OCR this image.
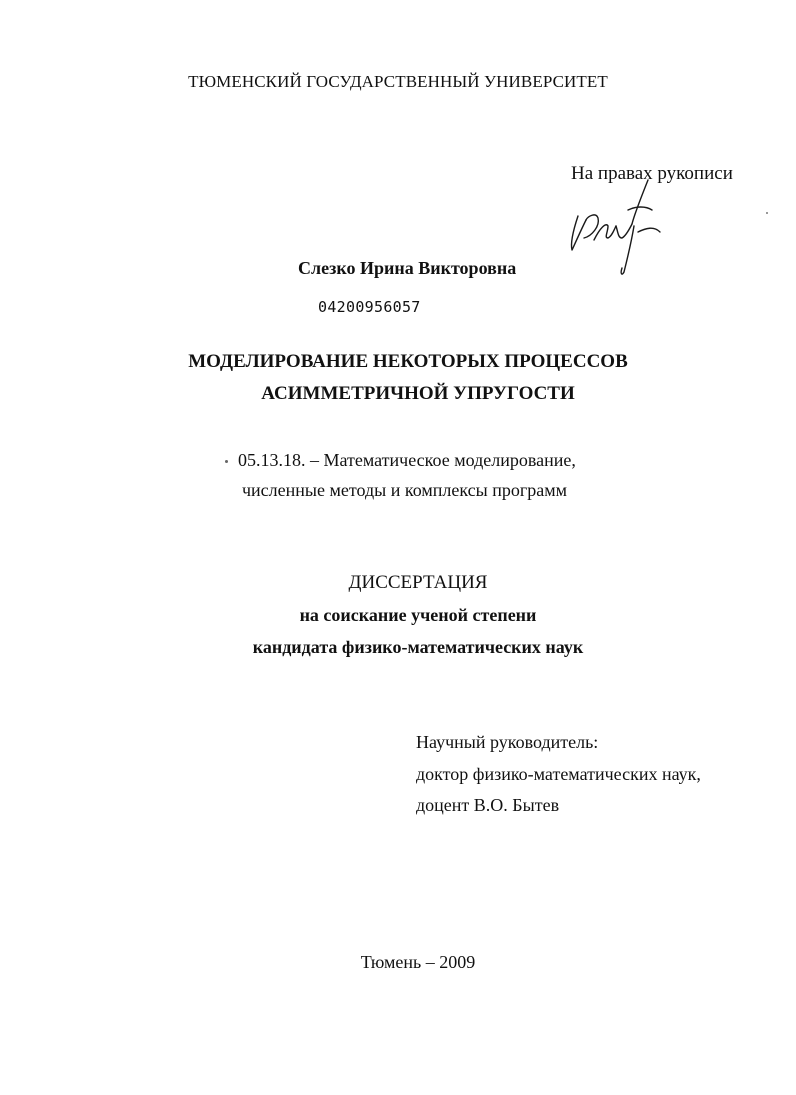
ТЮМЕНСКИЙ ГОСУДАРСТВЕННЫЙ УНИВЕРСИТЕТ
На правах рукописи
Слезко Ирина Викторовна
04200956057
МОДЕЛИРОВАНИЕ НЕКОТОРЫХ ПРОЦЕССОВ
АСИММЕТРИЧНОЙ УПРУГОСТИ
05.13.18. – Математическое моделирование,
численные методы и комплексы программ
ДИССЕРТАЦИЯ
на соискание ученой степени
кандидата физико-математических наук
Научный руководитель:
доктор физико-математических наук,
доцент В.О. Бытев
Тюмень – 2009
